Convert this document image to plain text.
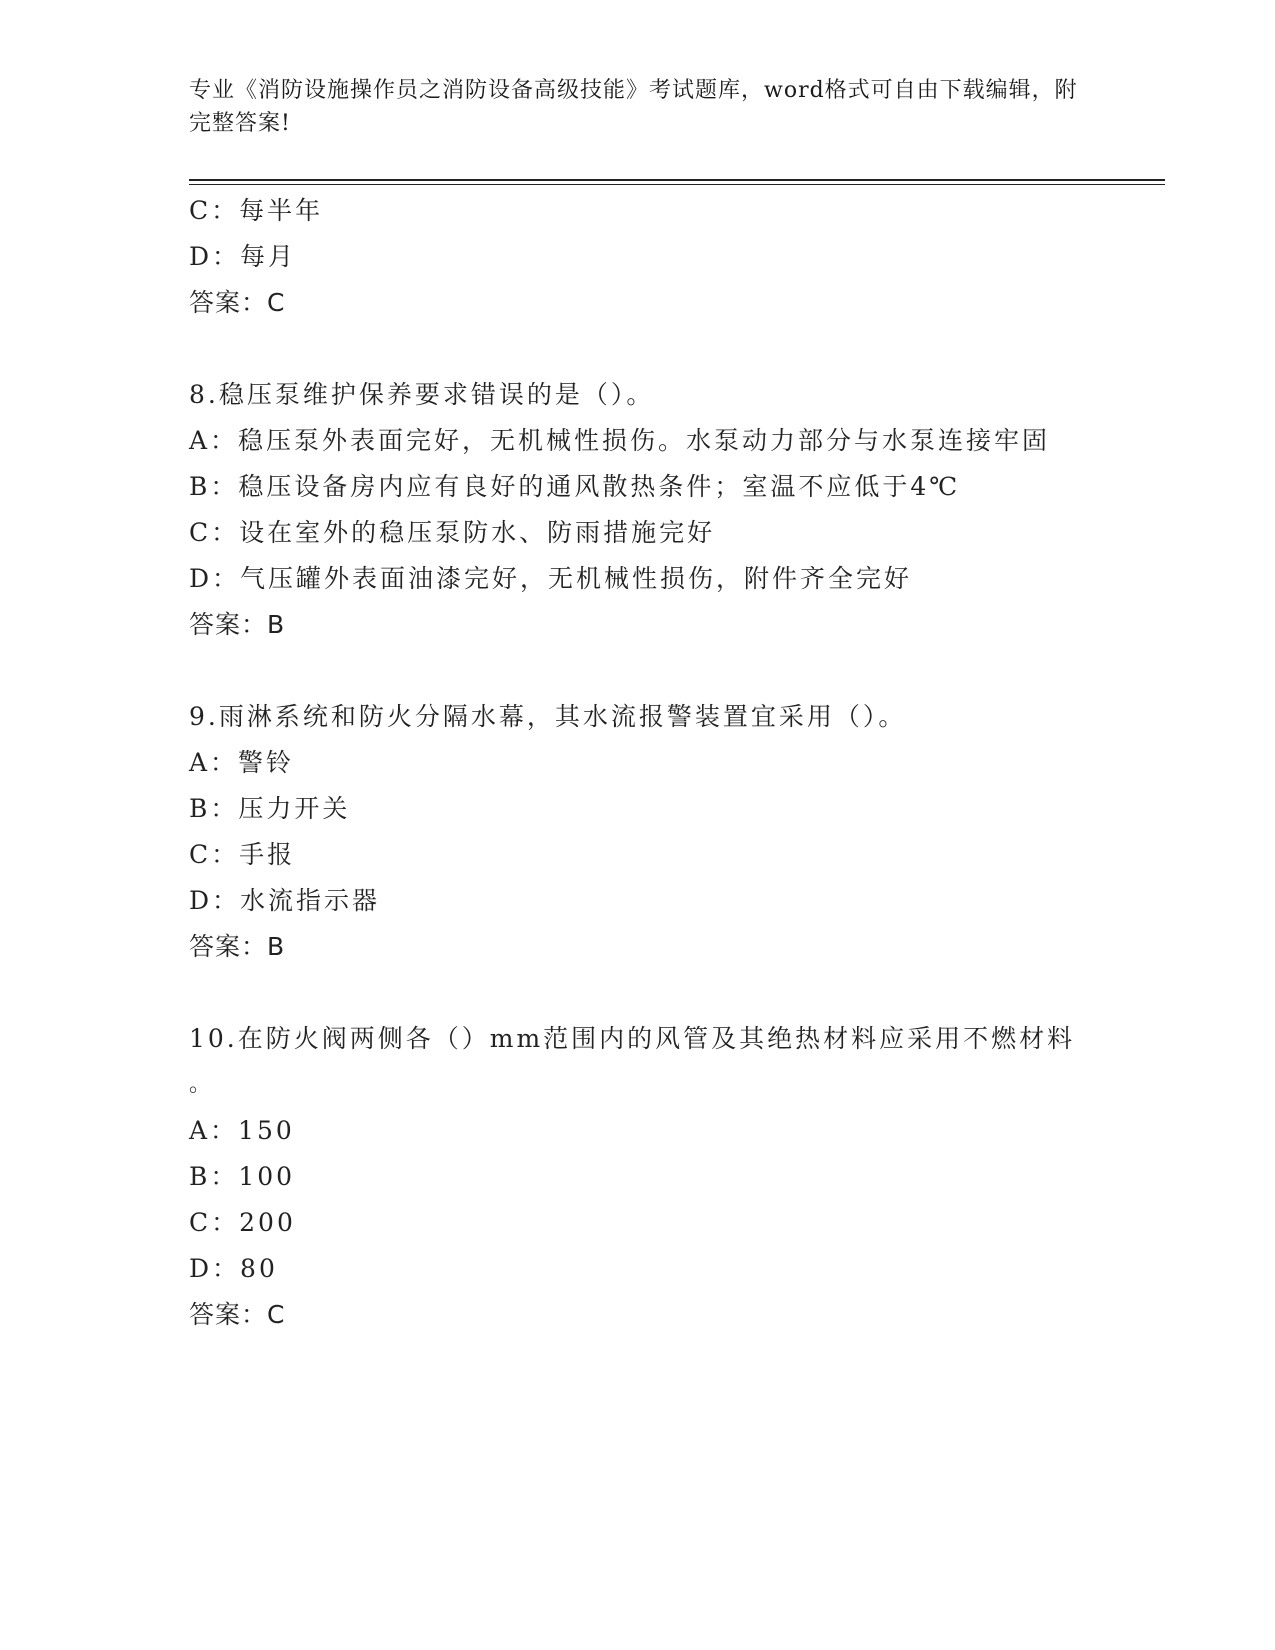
专业《消防设施操作员之消防设备高级技能》考试题库，word格式可自由下载编辑，附完整答案!
C：每半年
D：每月
答案：C
8.稳压泵维护保养要求错误的是（）。
A：稳压泵外表面完好，无机械性损伤。水泵动力部分与水泵连接牢固
B：稳压设备房内应有良好的通风散热条件；室温不应低于4℃
C：设在室外的稳压泵防水、防雨措施完好
D：气压罐外表面油漆完好，无机械性损伤，附件齐全完好
答案：B
9.雨淋系统和防火分隔水幕，其水流报警装置宜采用（）。
A：警铃
B：压力开关
C：手报
D：水流指示器
答案：B
10.在防火阀两侧各（）mm范围内的风管及其绝热材料应采用不燃材料
。
A：150
B：100
C：200
D：80
答案：C
